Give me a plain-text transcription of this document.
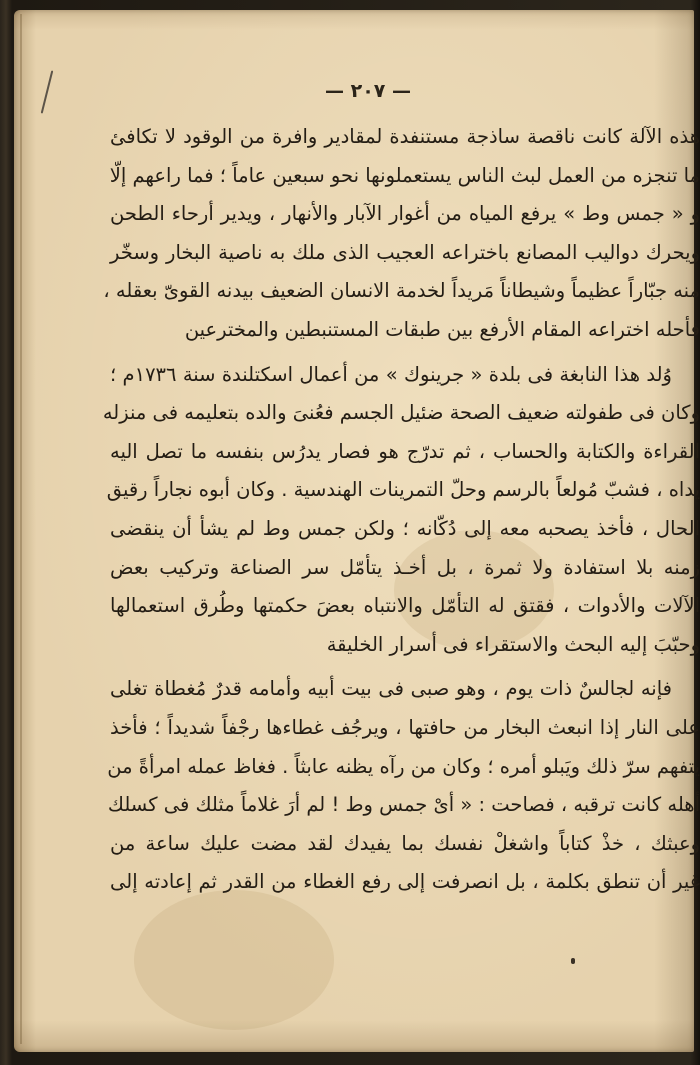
— ٢٠٧ —
هذه الآلة كانت ناقصة ساذجة مستنفدة لمقادير وافرة من الوقود لا تكافئ
ما تنجزه من العمل لبث الناس يستعملونها نحو سبعين عاماً ؛ فما راعهم إلّا
و « جمس وط » يرفع المياه من أغوار الآبار والأنهار ، ويدير أرحاء الطحن
ويحرك دواليب المصانع باختراعه العجيب الذى ملك به ناصية البخار وسخّر
منه جبّاراً عظيماً وشيطاناً مَريداً لخدمة الانسان الضعيف بيدنه القوىّ بعقله ،
فأحله اختراعه المقام الأرفع بين طبقات المستنبطين والمخترعين
وُلد هذا النابغة فى بلدة « جرينوك » من أعمال اسكتلندة سنة ١٧٣٦م ؛
وكان فى طفولته ضعيف الصحة ضئيل الجسم فعُنىَ والده بتعليمه فى منزله
القراءة والكتابة والحساب ، ثم تدرّج هو فصار يدرُس بنفسه ما تصل اليه
يداه ، فشبّ مُولعاً بالرسم وحلّ التمرينات الهندسية . وكان أبوه نجاراً رقيق
الحال ، فأخذ يصحبه معه إلى دُكّانه ؛ ولكن جمس وط لم يشأ أن ينقضى
زمنه بلا استفادة ولا ثمرة ، بل أخـذ يتأمّل سر الصناعة وتركيب بعض
الآلات والأدوات ، فقتق له التأمّل والانتباه بعضَ حكمتها وطُرق استعمالها
وحبّبَ إليه البحث والاستقراء فى أسرار الخليقة
فإنه لجالسٌ ذات يوم ، وهو صبى فى بيت أبيه وأمامه قدرٌ مُغطاة تغلى
على النار إذا انبعث البخار من حافتها ، ويرجُف غطاءها رجْفاً شديداً ؛ فأخذ
يتفهم سرّ ذلك ويَبلو أمره ؛ وكان من رآه يظنه عابثاً . فغاظ عمله امرأةً من
أهله كانت ترقبه ، فصاحت : « أىْ جمس وط ! لم أرَ غلاماً مثلك فى كسلك
وعبثك ، خذْ كتاباً واشغلْ نفسك بما يفيدك لقد مضت عليك ساعة من
غير أن تنطق بكلمة ، بل انصرفت إلى رفع الغطاء من القدر ثم إعادته إلى
